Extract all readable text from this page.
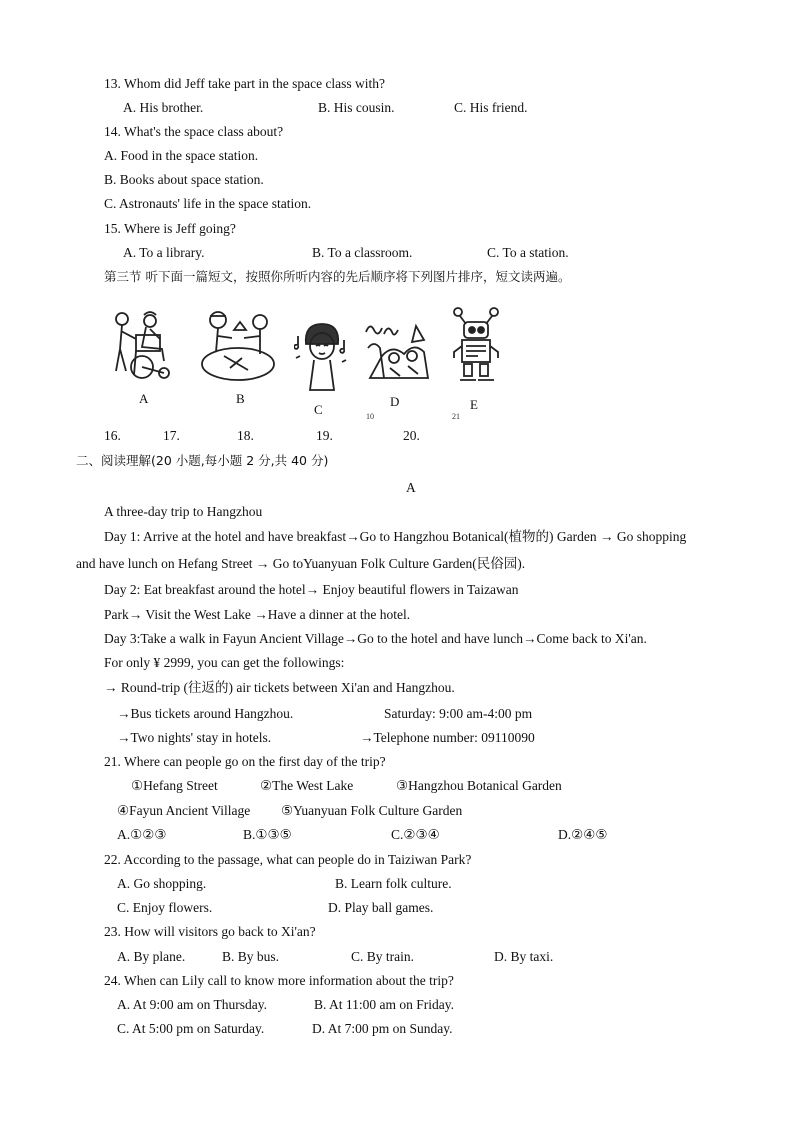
13. Whom did Jeff take part in the space class with?
A. His brother.	B. His cousin.	C. His friend.
14. What's the space class about?
A. Food in the space station.
B. Books about space station.
C. Astronauts' life in the space station.
15. Where is Jeff going?
A. To a library.	B. To a classroom.	C. To a station.
第三节 听下面一篇短文，按照你所听内容的先后顺序将下列图片排序，短文读两遍。
A	B
C
D
10
E
21
16.	17.	18.	19.	20.
二、阅读理解(20 小题,每小题 2 分,共 40 分)
A
A three-day trip to Hangzhou
Day 1: Arrive at the hotel and have breakfast→Go to Hangzhou Botanical(植物的) Garden → Go shopping
and have lunch on Hefang Street → Go toYuanyuan Folk Culture Garden(民俗园).
Day 2: Eat breakfast around the hotel→ Enjoy beautiful flowers in Taizawan
Park→ Visit the West Lake →Have a dinner at the hotel.
Day 3:Take a walk in Fayun Ancient Village→Go to the hotel and have lunch→Come back to Xi'an.
For only ¥ 2999, you can get the followings:
→ Round-trip (往返的) air tickets between Xi'an and Hangzhou.
→Bus tickets around Hangzhou.	Saturday: 9:00 am-4:00 pm
→Two nights' stay in hotels.	→Telephone number: 09110090
21. Where can people go on the first day of the trip?
①Hefang Street	②The West Lake	③Hangzhou Botanical Garden
④Fayun Ancient Village ⑤Yuanyuan Folk Culture Garden
A.①②③	B.①③⑤	C.②③④	D.②④⑤
22. According to the passage, what can people do in Taiziwan Park?
A. Go shopping.	B. Learn folk culture.
C. Enjoy flowers.	D. Play ball games.
23. How will visitors go back to Xi'an?
A. By plane.	B. By bus.	C. By train.	D. By taxi.
24. When can Lily call to know more information about the trip?
A. At 9:00 am on Thursday.	B. At 11:00 am on Friday.
C. At 5:00 pm on Saturday.	D. At 7:00 pm on Sunday.
